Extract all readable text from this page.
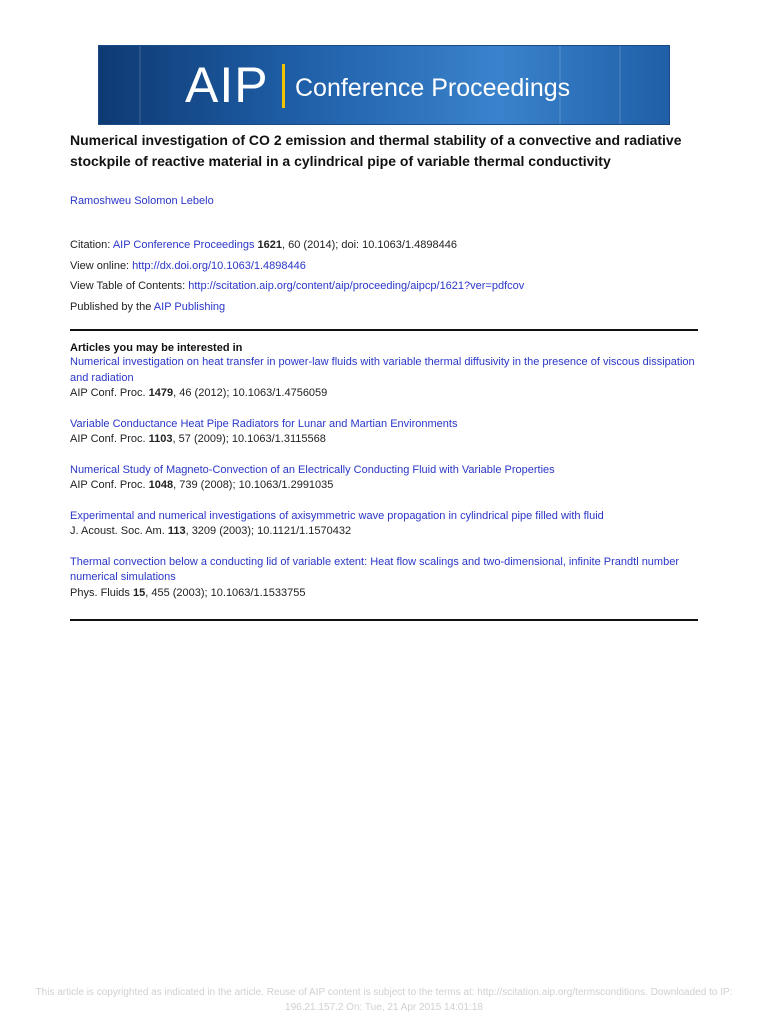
AIP Conference Proceedings
Numerical investigation of CO 2 emission and thermal stability of a convective and radiative stockpile of reactive material in a cylindrical pipe of variable thermal conductivity
Ramoshweu Solomon Lebelo
Citation: AIP Conference Proceedings 1621, 60 (2014); doi: 10.1063/1.4898446
View online: http://dx.doi.org/10.1063/1.4898446
View Table of Contents: http://scitation.aip.org/content/aip/proceeding/aipcp/1621?ver=pdfcov
Published by the AIP Publishing
Articles you may be interested in
Numerical investigation on heat transfer in power-law fluids with variable thermal diffusivity in the presence of viscous dissipation and radiation
AIP Conf. Proc. 1479, 46 (2012); 10.1063/1.4756059
Variable Conductance Heat Pipe Radiators for Lunar and Martian Environments
AIP Conf. Proc. 1103, 57 (2009); 10.1063/1.3115568
Numerical Study of Magneto-Convection of an Electrically Conducting Fluid with Variable Properties
AIP Conf. Proc. 1048, 739 (2008); 10.1063/1.2991035
Experimental and numerical investigations of axisymmetric wave propagation in cylindrical pipe filled with fluid
J. Acoust. Soc. Am. 113, 3209 (2003); 10.1121/1.1570432
Thermal convection below a conducting lid of variable extent: Heat flow scalings and two-dimensional, infinite Prandtl number numerical simulations
Phys. Fluids 15, 455 (2003); 10.1063/1.1533755
This article is copyrighted as indicated in the article. Reuse of AIP content is subject to the terms at: http://scitation.aip.org/termsconditions. Downloaded to IP: 196.21.157.2 On: Tue, 21 Apr 2015 14:01:18
